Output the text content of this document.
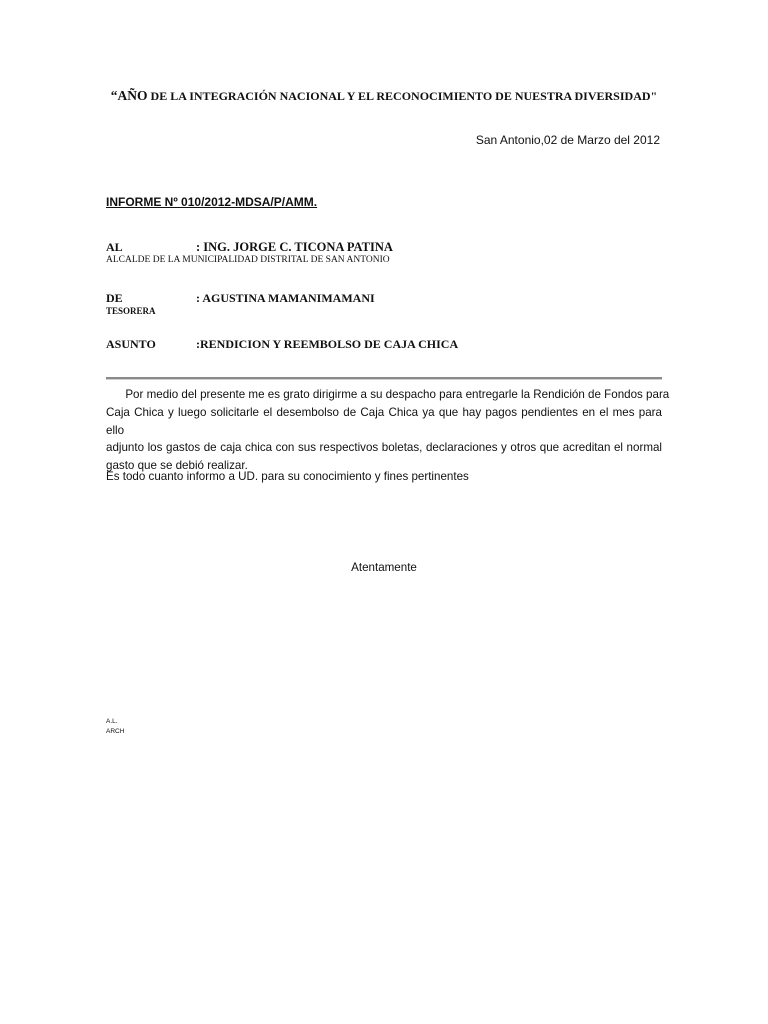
“AÑO DE LA INTEGRACIÓN NACIONAL Y EL RECONOCIMIENTO DE NUESTRA DIVERSIDAD"
San Antonio,02 de Marzo del 2012
INFORME Nº 010/2012-MDSA/P/AMM.
AL	: ING. JORGE C. TICONA PATINA
ALCALDE DE LA MUNICIPALIDAD DISTRITAL DE SAN ANTONIO
DE	: AGUSTINA MAMANIMAMANI
TESORERA
ASUNTO	:RENDICION Y REEMBOLSO DE CAJA CHICA
Por medio del presente me es grato dirigirme a su despacho para entregarle la Rendición de Fondos para
Caja Chica y luego solicitarle el desembolso de Caja Chica ya que hay pagos pendientes en el mes para ello
adjunto los gastos de caja chica con sus respectivos boletas, declaraciones y otros que acreditan el normal
gasto que se debió realizar.
Es todo cuanto informo a UD. para su conocimiento y fines pertinentes
Atentamente
A.L.
ARCH
